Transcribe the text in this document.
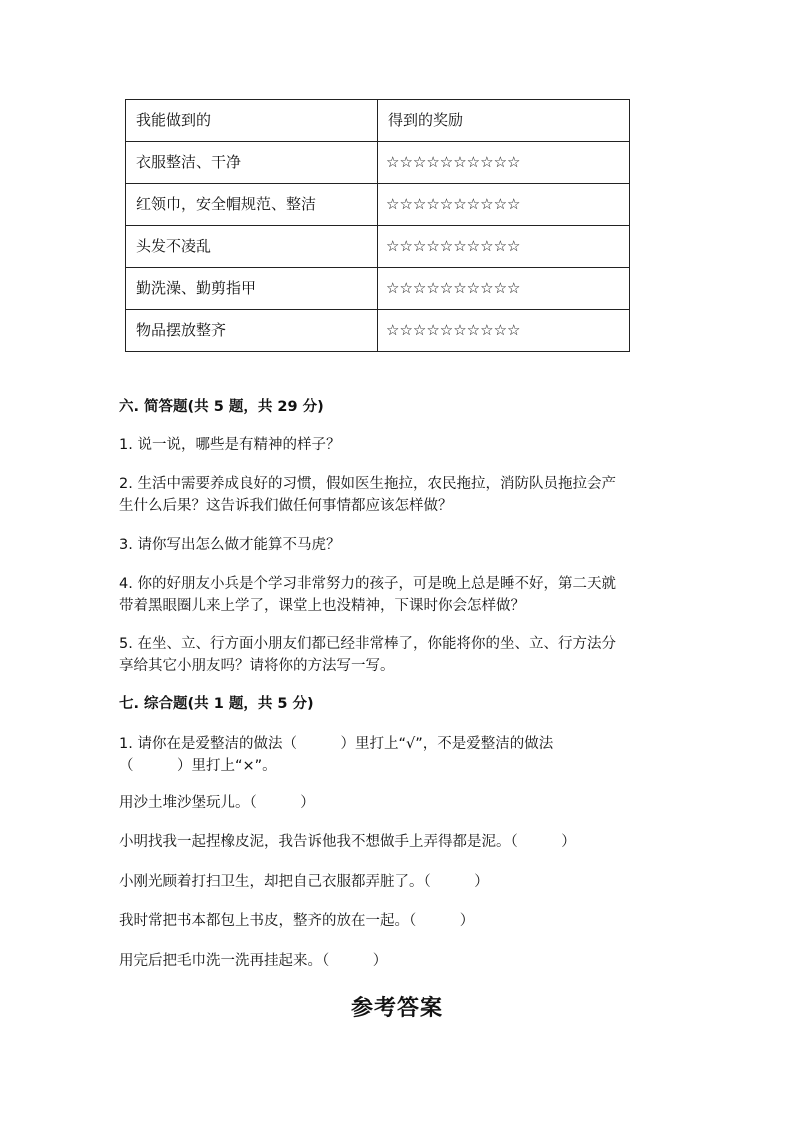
我能做到的	得到的奖励
衣服整洁、干净	☆☆☆☆☆☆☆☆☆☆
红领巾，安全帽规范、整洁	☆☆☆☆☆☆☆☆☆☆
头发不凌乱	☆☆☆☆☆☆☆☆☆☆
勤洗澡、勤剪指甲	☆☆☆☆☆☆☆☆☆☆
物品摆放整齐	☆☆☆☆☆☆☆☆☆☆
六. 简答题(共 5 题，共 29 分)
1. 说一说，哪些是有精神的样子？
2. 生活中需要养成良好的习惯，假如医生拖拉，农民拖拉，消防队员拖拉会产
生什么后果？这告诉我们做任何事情都应该怎样做？
3. 请你写出怎么做才能算不马虎？
4. 你的好朋友小兵是个学习非常努力的孩子，可是晚上总是睡不好，第二天就
带着黑眼圈儿来上学了，课堂上也没精神，下课时你会怎样做？
5. 在坐、立、行方面小朋友们都已经非常棒了，你能将你的坐、立、行方法分
享给其它小朋友吗？请将你的方法写一写。
七. 综合题(共 1 题，共 5 分)
1. 请你在是爱整洁的做法（　　　）里打上“√”，不是爱整洁的做法
（　　　）里打上“×”。
用沙土堆沙堡玩儿。（　　　）
小明找我一起捏橡皮泥，我告诉他我不想做手上弄得都是泥。（　　　）
小刚光顾着打扫卫生，却把自己衣服都弄脏了。（　　　）
我时常把书本都包上书皮，整齐的放在一起。（　　　）
用完后把毛巾洗一洗再挂起来。（　　　）
参考答案
